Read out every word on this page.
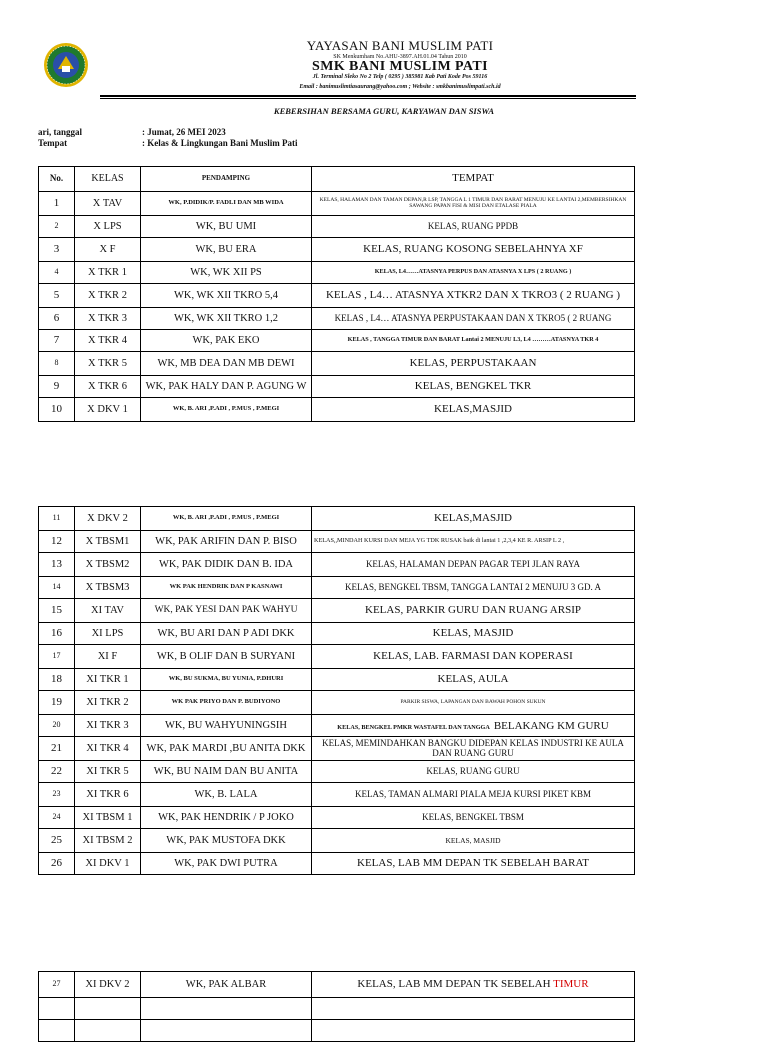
YAYASAN BANI MUSLIM PATI
SK Menkumham No.AHU-3897.AH.01.04 Tahun 2010
SMK BANI MUSLIM PATI
Jl. Terminal Sleko No 2 Telp ( 0295 ) 385981 Kab Pati Kode Pos 59116
Email : banimuslimtiasaurang@yahoo.com ; Website : smkbanimuslimpati.sch.id
KEBERSIHAN BERSAMA GURU, KARYAWAN DAN SISWA
ari, tanggal	: Jumat, 26 MEI 2023
Tempat	: Kelas & Lingkungan Bani Muslim Pati
No.	KELAS	PENDAMPING	TEMPAT
1	X TAV	WK, P.DIDIK/P. FADLI DAN MB WIDA	KELAS, HALAMAN DAN TAMAN DEPAN,R LSP, TANGGA L 1 TIMUR DAN BARAT MENUJU KE LANTAI 2,MEMBERSIHKAN SAWANG PAPAN FISI & MISI DAN ETALASE PIALA
2	X LPS	WK, BU UMI	KELAS, RUANG PPDB
3	X F	WK, BU ERA	KELAS, RUANG KOSONG SEBELAHNYA XF
4	X TKR 1	WK, WK XII PS	KELAS, L4……ATASNYA PERPUS DAN ATASNYA X LPS ( 2 RUANG )
5	X TKR 2	WK, WK XII TKRO 5,4	KELAS , L4… ATASNYA XTKR2 DAN X TKRO3 ( 2 RUANG )
6	X TKR 3	WK, WK XII TKRO 1,2	KELAS , L4… ATASNYA PERPUSTAKAAN DAN X TKRO5 ( 2 RUANG
7	X TKR 4	WK, PAK EKO	KELAS , TANGGA TIMUR DAN BARAT Lantai 2 MENUJU L3, L4 ………ATASNYA TKR 4
8	X TKR 5	WK, MB DEA DAN MB DEWI	KELAS, PERPUSTAKAAN
9	X TKR 6	WK, PAK HALY DAN P. AGUNG W	KELAS, BENGKEL TKR
10	X DKV 1	WK, B. ARI ,P.ADI , P.MUS , P.MEGI	KELAS,MASJID
11	X DKV 2	WK, B. ARI ,P.ADI , P.MUS , P.MEGI	KELAS,MASJID
12	X TBSM1	WK, PAK ARIFIN DAN P. BISO	KELAS,,MINDAH KURSI DAN MEJA YG TDK RUSAK baik di lantai 1 ,2,3,4 KE R. ARSIP L 2 ,
13	X TBSM2	WK, PAK DIDIK DAN B. IDA	KELAS, HALAMAN DEPAN PAGAR TEPI JLAN RAYA
14	X TBSM3	WK PAK HENDRIK DAN P KASNAWI	KELAS, BENGKEL TBSM, TANGGA LANTAI 2 MENUJU 3 GD. A
15	XI TAV	WK, PAK YESI DAN PAK WAHYU	KELAS, PARKIR GURU DAN RUANG ARSIP
16	XI LPS	WK, BU ARI DAN P ADI DKK	KELAS, MASJID
17	XI F	WK, B OLIF DAN B SURYANI	KELAS, LAB. FARMASI DAN KOPERASI
18	XI TKR 1	WK, BU SUKMA, BU YUNIA, P.DHURI	KELAS, AULA
19	XI TKR 2	WK PAK PRIYO DAN P. BUDIYONO	PARKIR SISWA, LAPANGAN DAN BAWAH POHON SUKUN
20	XI TKR 3	WK, BU WAHYUNINGSIH	KELAS, BENGKEL PMKR WASTAFEL DAN TANGGA BELAKANG KM GURU
21	XI TKR 4	WK, PAK MARDI ,BU ANITA DKK	KELAS, MEMINDAHKAN BANGKU DIDEPAN KELAS INDUSTRI KE AULA DAN RUANG GURU
22	XI TKR 5	WK, BU NAIM DAN BU ANITA	KELAS, RUANG GURU
23	XI TKR 6	WK, B. LALA	KELAS, TAMAN ALMARI PIALA MEJA KURSI PIKET KBM
24	XI TBSM 1	WK, PAK HENDRIK / P JOKO	KELAS, BENGKEL TBSM
25	XI TBSM 2	WK, PAK MUSTOFA DKK	KELAS, MASJID
26	XI DKV 1	WK, PAK DWI PUTRA	KELAS, LAB MM DEPAN TK SEBELAH BARAT
27	XI DKV 2	WK, PAK ALBAR	KELAS, LAB MM DEPAN TK SEBELAH TIMUR
